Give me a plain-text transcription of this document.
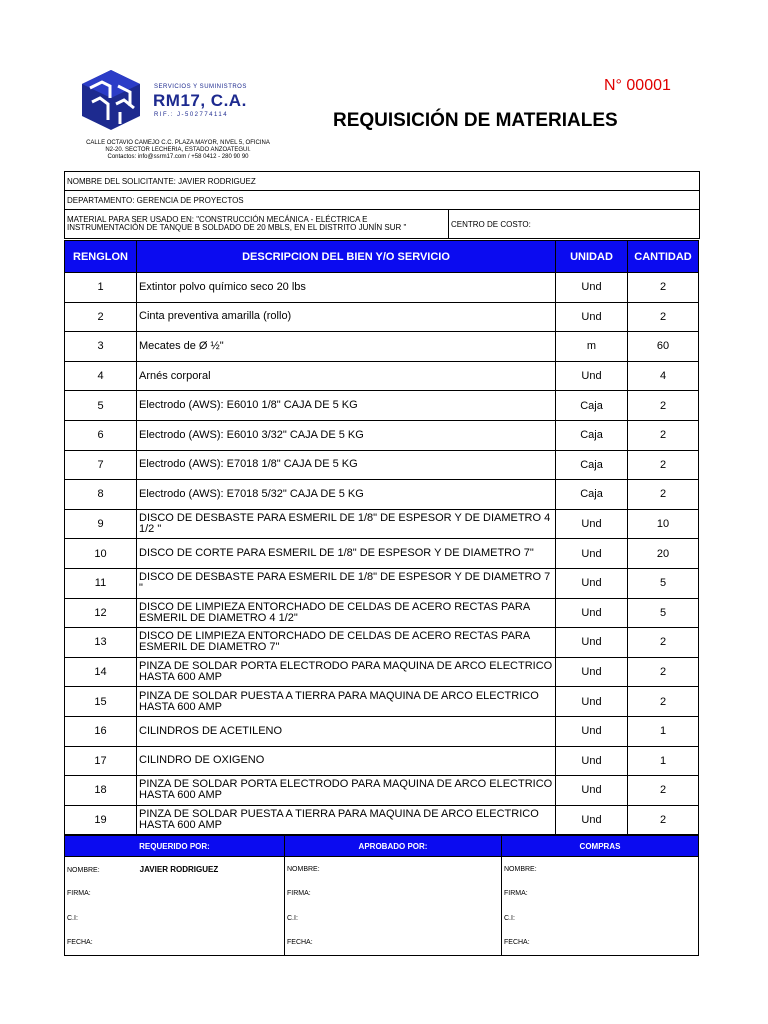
SERVICIOS Y SUMINISTROS
RM17, C.A.
RIF.: J-502774114
CALLE OCTAVIO CAMEJO C.C. PLAZA MAYOR, NIVEL 5, OFICINA
N2-20. SECTOR LECHERIA, ESTADO ANZOATEGUI.
Contactos: info@ssrm17.com / +58 0412 - 280 90 90
N° 00001
REQUISICIÓN DE MATERIALES
NOMBRE DEL SOLICITANTE: JAVIER RODRIGUEZ
DEPARTAMENTO: GERENCIA DE PROYECTOS
MATERIAL PARA SER USADO EN: "CONSTRUCCIÓN MECÁNICA - ELÉCTRICA E
INSTRUMENTACIÓN DE TANQUE B SOLDADO DE 20 MBLS, EN EL DISTRITO JUNÍN SUR "	CENTRO DE COSTO:
RENGLON	DESCRIPCION DEL BIEN Y/O SERVICIO	UNIDAD	CANTIDAD
1	Extintor polvo químico seco 20 lbs	Und	2
2	Cinta preventiva amarilla (rollo)	Und	2
3	Mecates de Ø ½"	m	60
4	Arnés corporal	Und	4
5	Electrodo (AWS): E6010 1/8" CAJA DE 5 KG	Caja	2
6	Electrodo (AWS): E6010 3/32" CAJA DE 5 KG	Caja	2
7	Electrodo (AWS): E7018 1/8" CAJA DE 5 KG	Caja	2
8	Electrodo (AWS): E7018 5/32" CAJA DE 5 KG	Caja	2
9	DISCO DE DESBASTE PARA ESMERIL DE 1/8" DE ESPESOR Y DE DIAMETRO 4 1/2 "	Und	10
10	DISCO DE CORTE PARA ESMERIL DE 1/8" DE ESPESOR Y DE DIAMETRO 7"	Und	20
11	DISCO DE DESBASTE PARA ESMERIL DE 1/8" DE ESPESOR Y DE DIAMETRO 7 "	Und	5
12	DISCO DE LIMPIEZA ENTORCHADO DE CELDAS DE ACERO RECTAS PARA ESMERIL DE DIAMETRO 4 1/2"	Und	5
13	DISCO DE LIMPIEZA ENTORCHADO DE CELDAS DE ACERO RECTAS PARA ESMERIL DE DIAMETRO 7"	Und	2
14	PINZA DE SOLDAR PORTA ELECTRODO PARA MAQUINA DE ARCO ELECTRICO HASTA 600 AMP	Und	2
15	PINZA DE SOLDAR PUESTA A TIERRA PARA MAQUINA DE ARCO ELECTRICO HASTA 600 AMP	Und	2
16	CILINDROS DE ACETILENO	Und	1
17	CILINDRO DE OXIGENO	Und	1
18	PINZA DE SOLDAR PORTA ELECTRODO PARA MAQUINA DE ARCO ELECTRICO HASTA 600 AMP	Und	2
19	PINZA DE SOLDAR PUESTA A TIERRA PARA MAQUINA DE ARCO ELECTRICO HASTA 600 AMP	Und	2
REQUERIDO POR:	APROBADO POR:	COMPRAS
NOMBRE: JAVIER RODRIGUEZ	NOMBRE:	NOMBRE:
FIRMA:	FIRMA:	FIRMA:
C.I:	C.I:	C.I:
FECHA:	FECHA:	FECHA:
